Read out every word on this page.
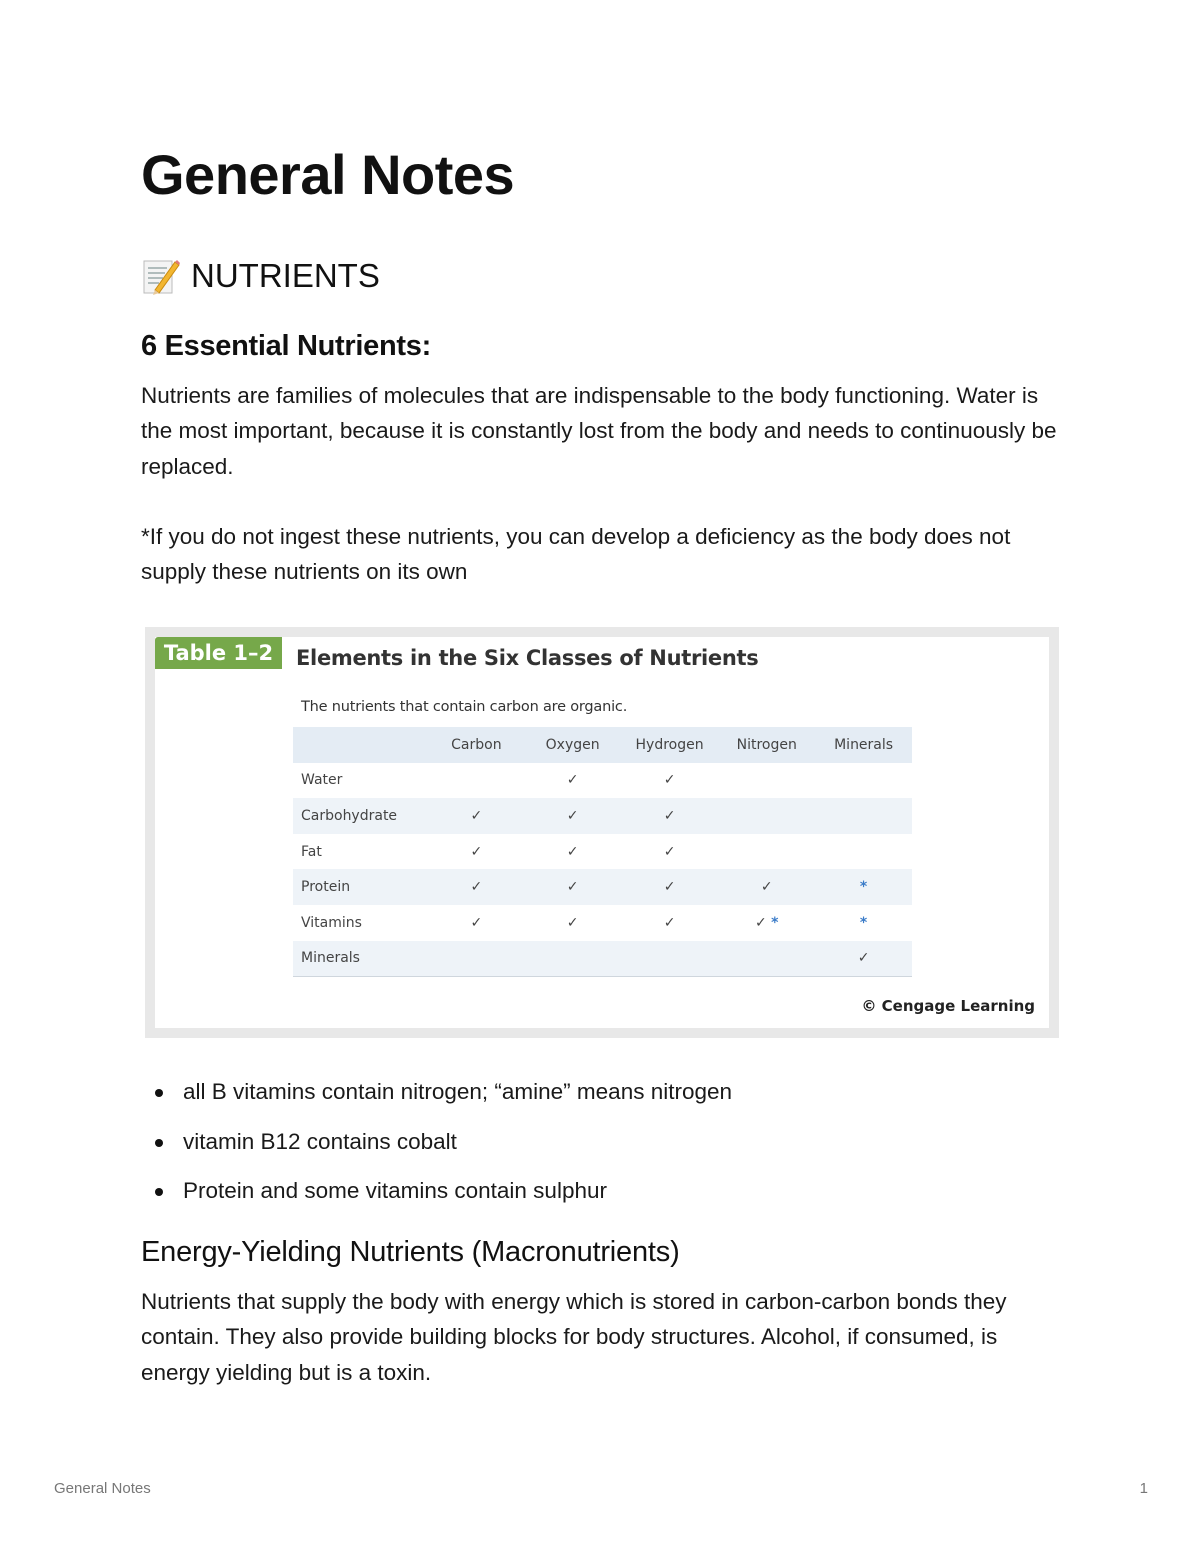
General Notes
NUTRIENTS
6 Essential Nutrients:

Nutrients are families of molecules that are indispensable to the body functioning. Water is the most important, because it is constantly lost from the body and needs to continuously be replaced.

*If you do not ingest these nutrients, you can develop a deficiency as the body does not supply these nutrients on its own

Table 1–2	Elements in the Six Classes of Nutrients
The nutrients that contain carbon are organic.
	Carbon	Oxygen	Hydrogen	Nitrogen	Minerals
Water		✓	✓		
Carbohydrate	✓	✓	✓		
Fat	✓	✓	✓		
Protein	✓	✓	✓	✓	*
Vitamins	✓	✓	✓	✓ *	*
Minerals					✓
© Cengage Learning
all B vitamins contain nitrogen; “amine” means nitrogen
vitamin B12 contains cobalt
Protein and some vitamins contain sulphur
Energy-Yielding Nutrients (Macronutrients)

Nutrients that supply the body with energy which is stored in carbon-carbon bonds they contain. They also provide building blocks for body structures. Alcohol, if consumed, is energy yielding but is a toxin.

General Notes	1
